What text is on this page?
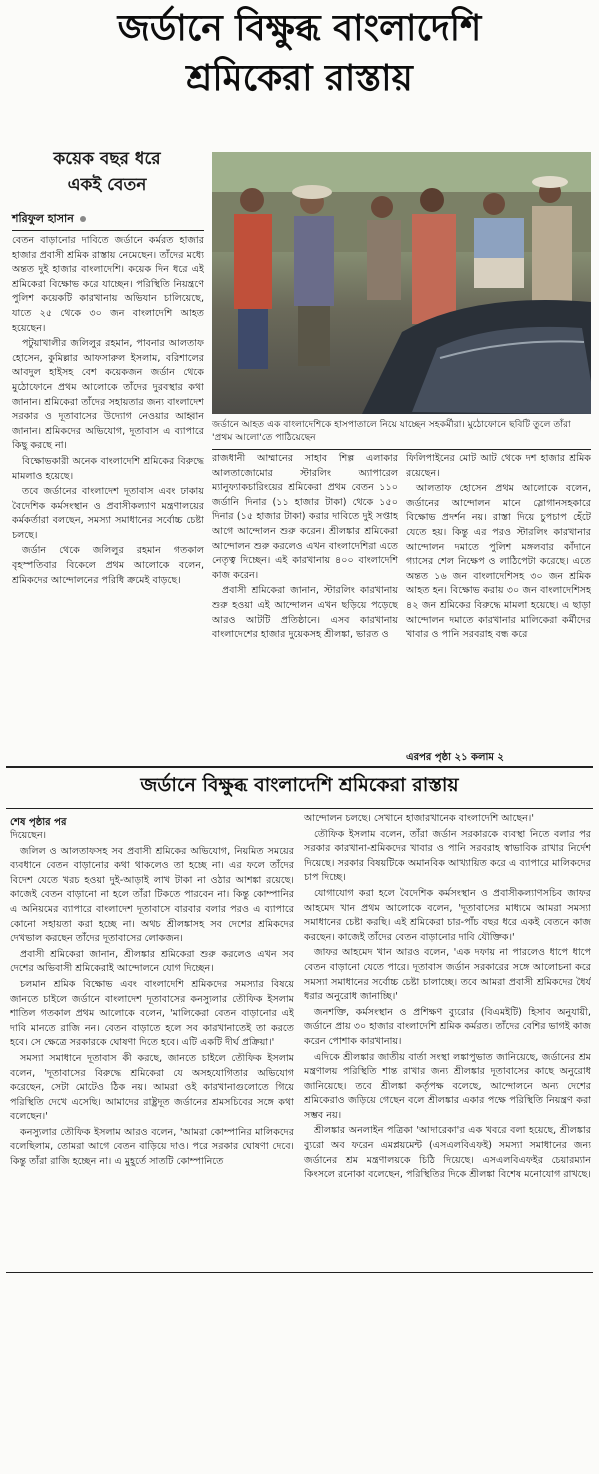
জর্ডানে বিক্ষুব্ধ বাংলাদেশি
শ্রমিকেরা রাস্তায়
কয়েক বছর ধরে
একই বেতন
শরিফুল হাসান

বেতন বাড়ানোর দাবিতে জর্ডানে কর্মরত হাজার হাজার প্রবাসী শ্রমিক রাস্তায় নেমেছেন। তাঁদের মধ্যে অন্তত দুই হাজার বাংলাদেশি। কয়েক দিন ধরে এই শ্রমিকেরা বিক্ষোভ করে যাচ্ছেন। পরিস্থিতি নিয়ন্ত্রণে পুলিশ কয়েকটি কারখানায় অভিযান চালিয়েছে, যাতে ২৫ থেকে ৩০ জন বাংলাদেশি আহত হয়েছেন।

পটুয়াখালীর জলিলুর রহমান, পাবনার আলতাফ হোসেন, কুমিল্লার আফসারুল ইসলাম, বরিশালের আবদুল হাইসহ বেশ কয়েকজন জর্ডান থেকে মুঠোফোনে প্রথম আলোকে তাঁদের দুরবস্থার কথা জানান। শ্রমিকেরা তাঁদের সহায়তার জন্য বাংলাদেশ সরকার ও দূতাবাসের উদ্যোগ নেওয়ার আহ্বান জানান। শ্রমিকদের অভিযোগ, দূতাবাস এ ব্যাপারে কিছু করছে না।

বিক্ষোভকারী অনেক বাংলাদেশি শ্রমিকের বিরুদ্ধে মামলাও হয়েছে।

তবে জর্ডানের বাংলাদেশ দূতাবাস এবং ঢাকায় বৈদেশিক কর্মসংস্থান ও প্রবাসীকল্যাণ মন্ত্রণালয়ের কর্মকর্তারা বলছেন, সমস্যা সমাধানের সর্বোচ্চ চেষ্টা চলছে।

জর্ডান থেকে জলিলুর রহমান গতকাল বৃহস্পতিবার বিকেলে প্রথম আলোকে বলেন, শ্রমিকদের আন্দোলনের পরিধি ক্রমেই বাড়ছে।

জর্ডানে আহত এক বাংলাদেশিকে হাসপাতালে নিয়ে যাচ্ছেন সহকর্মীরা। মুঠোফোনে ছবিটি তুলে তাঁরা 'প্রথম আলো'তে পাঠিয়েছেন

রাজধানী আম্মানের সাহাব শিল্প এলাকার আলতাজোমোর স্টারলিং অ্যাপারেল ম্যানুফ্যাকচারিংয়ের শ্রমিকেরা প্রথম বেতন ১১০ জর্ডানি দিনার (১১ হাজার টাকা) থেকে ১৫০ দিনার (১৫ হাজার টাকা) করার দাবিতে দুই সপ্তাহ আগে আন্দোলন শুরু করেন। শ্রীলঙ্কার শ্রমিকেরা আন্দোলন শুরু করলেও এখন বাংলাদেশিরা এতে নেতৃত্ব দিচ্ছেন। এই কারখানায় ৪০০ বাংলাদেশি কাজ করেন।

প্রবাসী শ্রমিকেরা জানান, স্টারলিং কারখানায় শুরু হওয়া এই আন্দোলন এখন ছড়িয়ে পড়েছে আরও আটটি প্রতিষ্ঠানে। এসব কারখানায় বাংলাদেশের হাজার দুয়েকসহ শ্রীলঙ্কা, ভারত ও

ফিলিপাইনের মোট আট থেকে দশ হাজার শ্রমিক রয়েছেন।

আলতাফ হোসেন প্রথম আলোকে বলেন, জর্ডানের আন্দোলন মানে স্লোগানসহকারে বিক্ষোভ প্রদর্শন নয়। রাস্তা দিয়ে চুপচাপ হেঁটে যেতে হয়। কিন্তু এর পরও স্টারলিং কারখানার আন্দোলন দমাতে পুলিশ মঙ্গলবার কাঁদানে গ্যাসের শেল নিক্ষেপ ও লাঠিপেটা করেছে। এতে অন্তত ১৬ জন বাংলাদেশিসহ ৩০ জন শ্রমিক আহত হন। বিক্ষোভ করায় ৩০ জন বাংলাদেশিসহ ৪২ জন শ্রমিকের বিরুদ্ধে মামলা হয়েছে। এ ছাড়া আন্দোলন দমাতে কারখানার মালিকেরা কর্মীদের খাবার ও পানি সরবরাহ বন্ধ করে

এরপর পৃষ্ঠা ২১ কলাম ২
জর্ডানে বিক্ষুব্ধ বাংলাদেশি শ্রমিকেরা রাস্তায়
শেষ পৃষ্ঠার পর

দিয়েছেন।

জলিল ও আলতাফসহ সব প্রবাসী শ্রমিকের অভিযোগ, নিয়মিত সময়ের ব্যবধানে বেতন বাড়ানোর কথা থাকলেও তা হচ্ছে না। এর ফলে তাঁদের বিদেশ যেতে খরচ হওয়া দুই-আড়াই লাখ টাকা না ওঠার আশঙ্কা রয়েছে। কাজেই বেতন বাড়ানো না হলে তাঁরা টিকতে পারবেন না। কিন্তু কোম্পানির এ অনিয়মের ব্যাপারে বাংলাদেশ দূতাবাসে বারবার বলার পরও এ ব্যাপারে কোনো সহায়তা করা হচ্ছে না। অথচ শ্রীলঙ্কাসহ সব দেশের শ্রমিকদের দেখভাল করছেন তাঁদের দূতাবাসের লোকজন।

প্রবাসী শ্রমিকেরা জানান, শ্রীলঙ্কার শ্রমিকেরা শুরু করলেও এখন সব দেশের অভিবাসী শ্রমিকেরাই আন্দোলনে যোগ দিচ্ছেন।

চলমান শ্রমিক বিক্ষোভ এবং বাংলাদেশি শ্রমিকদের সমস্যার বিষয়ে জানতে চাইলে জর্ডানে বাংলাদেশ দূতাবাসের কনস্যুলার তৌফিক ইসলাম শাতিল গতকাল প্রথম আলোকে বলেন, 'মালিকেরা বেতন বাড়ানোর এই দাবি মানতে রাজি নন। বেতন বাড়াতে হলে সব কারখানাতেই তা করতে হবে। সে ক্ষেত্রে সরকারকে ঘোষণা দিতে হবে। এটি একটি দীর্ঘ প্রক্রিয়া।'

সমস্যা সমাধানে দূতাবাস কী করছে, জানতে চাইলে তৌফিক ইসলাম বলেন, 'দূতাবাসের বিরুদ্ধে শ্রমিকেরা যে অসহযোগিতার অভিযোগ করেছেন, সেটা মোটেও ঠিক নয়। আমরা ওই কারখানাগুলোতে গিয়ে পরিস্থিতি দেখে এসেছি। আমাদের রাষ্ট্রদূত জর্ডানের শ্রমসচিবের সঙ্গে কথা বলেছেন।'

কনস্যুলার তৌফিক ইসলাম আরও বলেন, 'আমরা কোম্পানির মালিকদের বলেছিলাম, তোমরা আগে বেতন বাড়িয়ে দাও। পরে সরকার ঘোষণা দেবে। কিন্তু তাঁরা রাজি হচ্ছেন না। এ মুহূর্তে সাতটি কোম্পানিতে

আন্দোলন চলছে। সেখানে হাজারখানেক বাংলাদেশি আছেন।'

তৌফিক ইসলাম বলেন, তাঁরা জর্ডান সরকারকে ব্যবস্থা নিতে বলার পর সরকার কারখানা-শ্রমিকদের খাবার ও পানি সরবরাহ স্বাভাবিক রাখার নির্দেশ দিয়েছে। সরকার বিষয়টিকে অমানবিক আখ্যায়িত করে এ ব্যাপারে মালিকদের চাপ দিচ্ছে।

যোগাযোগ করা হলে বৈদেশিক কর্মসংস্থান ও প্রবাসীকল্যাণসচিব জাফর আহমেদ খান প্রথম আলোকে বলেন, 'দূতাবাসের মাধ্যমে আমরা সমস্যা সমাধানের চেষ্টা করছি। এই শ্রমিকেরা চার-পাঁচ বছর ধরে একই বেতনে কাজ করছেন। কাজেই তাঁদের বেতন বাড়ানোর দাবি যৌক্তিক।'

জাফর আহমেদ খান আরও বলেন, 'এক দফায় না পারলেও ধাপে ধাপে বেতন বাড়ানো যেতে পারে। দূতাবাস জর্ডান সরকারের সঙ্গে আলোচনা করে সমস্যা সমাধানের সর্বোচ্চ চেষ্টা চালাচ্ছে। তবে আমরা প্রবাসী শ্রমিকদের ধৈর্য ধরার অনুরোধ জানাচ্ছি।'

জনশক্তি, কর্মসংস্থান ও প্রশিক্ষণ ব্যুরোর (বিএমইটি) হিসাব অনুযায়ী, জর্ডানে প্রায় ৩০ হাজার বাংলাদেশি শ্রমিক কর্মরত। তাঁদের বেশির ভাগই কাজ করেন পোশাক কারখানায়।

এদিকে শ্রীলঙ্কার জাতীয় বার্তা সংস্থা লঙ্কাপুভাত জানিয়েছে, জর্ডানের শ্রম মন্ত্রণালয় পরিস্থিতি শান্ত রাখার জন্য শ্রীলঙ্কার দূতাবাসের কাছে অনুরোধ জানিয়েছে। তবে শ্রীলঙ্কা কর্তৃপক্ষ বলেছে, আন্দোলনে অন্য দেশের শ্রমিকেরাও জড়িয়ে গেছেন বলে শ্রীলঙ্কার একার পক্ষে পরিস্থিতি নিয়ন্ত্রণ করা সম্ভব নয়।

শ্রীলঙ্কার অনলাইন পত্রিকা 'আদারেকা'র এক খবরে বলা হয়েছে, শ্রীলঙ্কার ব্যুরো অব ফরেন এমপ্লয়মেন্ট (এসএলবিএফই) সমস্যা সমাধানের জন্য জর্ডানের শ্রম মন্ত্রণালয়কে চিঠি দিয়েছে। এসএলবিএফইর চেয়ারম্যান কিংসলে রনোকা বলেছেন, পরিস্থিতির দিকে শ্রীলঙ্কা বিশেষ মনোযোগ রাখছে।
